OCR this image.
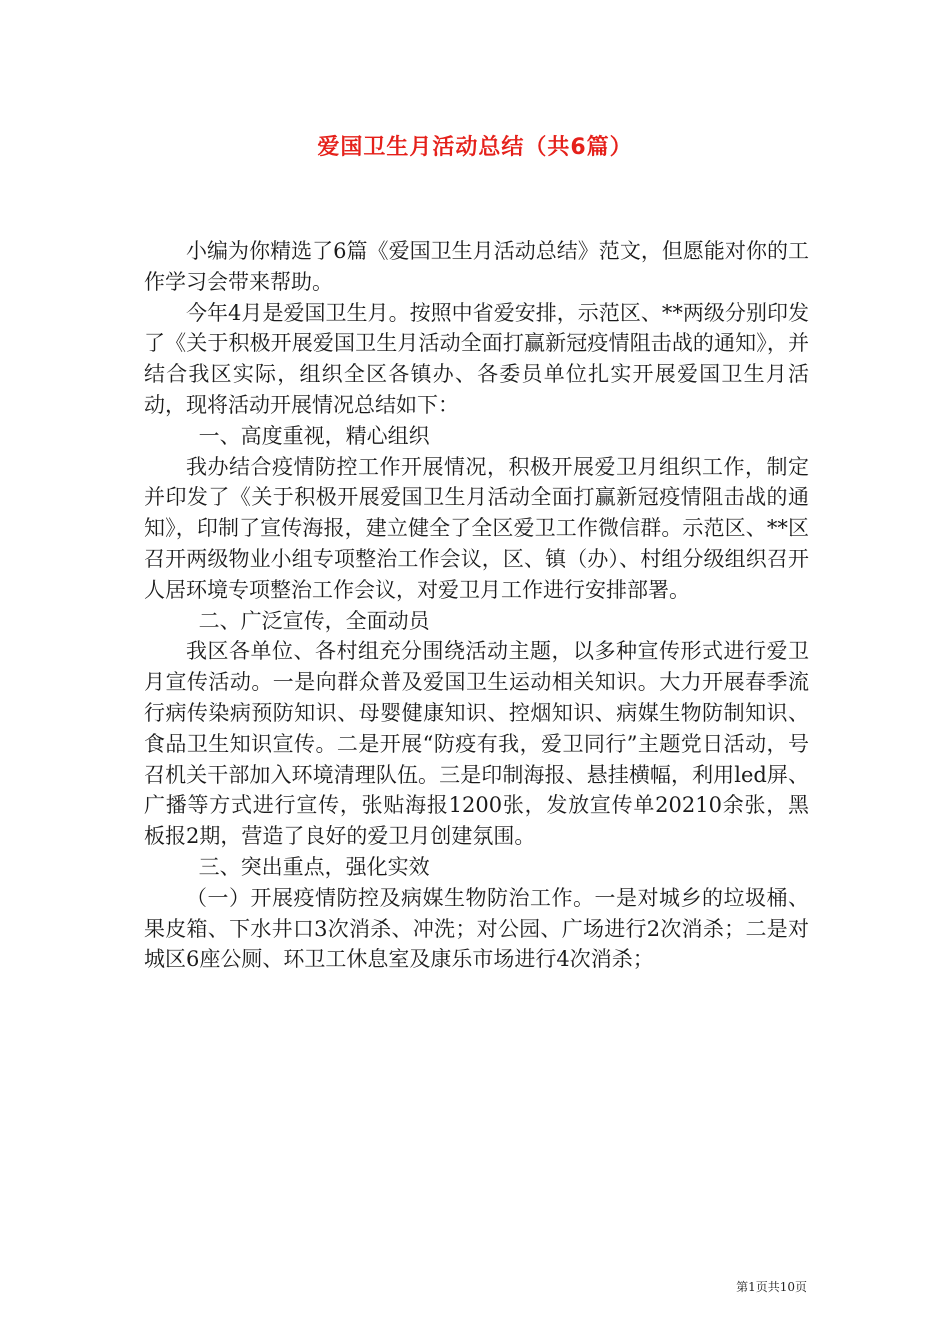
爱国卫生月活动总结（共6篇）

小编为你精选了6篇《爱国卫生月活动总结》范文，但愿能对你的工作学习会带来帮助。

今年4月是爱国卫生月。按照中省爱安排，示范区、**两级分别印发了《关于积极开展爱国卫生月活动全面打赢新冠疫情阻击战的通知》，并结合我区实际，组织全区各镇办、各委员单位扎实开展爱国卫生月活动，现将活动开展情况总结如下：

一、高度重视，精心组织

我办结合疫情防控工作开展情况，积极开展爱卫月组织工作，制定并印发了《关于积极开展爱国卫生月活动全面打赢新冠疫情阻击战的通知》，印制了宣传海报，建立健全了全区爱卫工作微信群。示范区、**区召开两级物业小组专项整治工作会议，区、镇（办）、村组分级组织召开人居环境专项整治工作会议，对爱卫月工作进行安排部署。

二、广泛宣传，全面动员

我区各单位、各村组充分围绕活动主题，以多种宣传形式进行爱卫月宣传活动。一是向群众普及爱国卫生运动相关知识。大力开展春季流行病传染病预防知识、母婴健康知识、控烟知识、病媒生物防制知识、食品卫生知识宣传。二是开展“防疫有我，爱卫同行”主题党日活动，号召机关干部加入环境清理队伍。三是印制海报、悬挂横幅，利用led屏、广播等方式进行宣传，张贴海报1200张，发放宣传单20210余张，黑板报2期，营造了良好的爱卫月创建氛围。

三、突出重点，强化实效

（一）开展疫情防控及病媒生物防治工作。一是对城乡的垃圾桶、果皮箱、下水井口3次消杀、冲洗；对公园、广场进行2次消杀；二是对城区6座公厕、环卫工休息室及康乐市场进行4次消杀；

第1页共10页
